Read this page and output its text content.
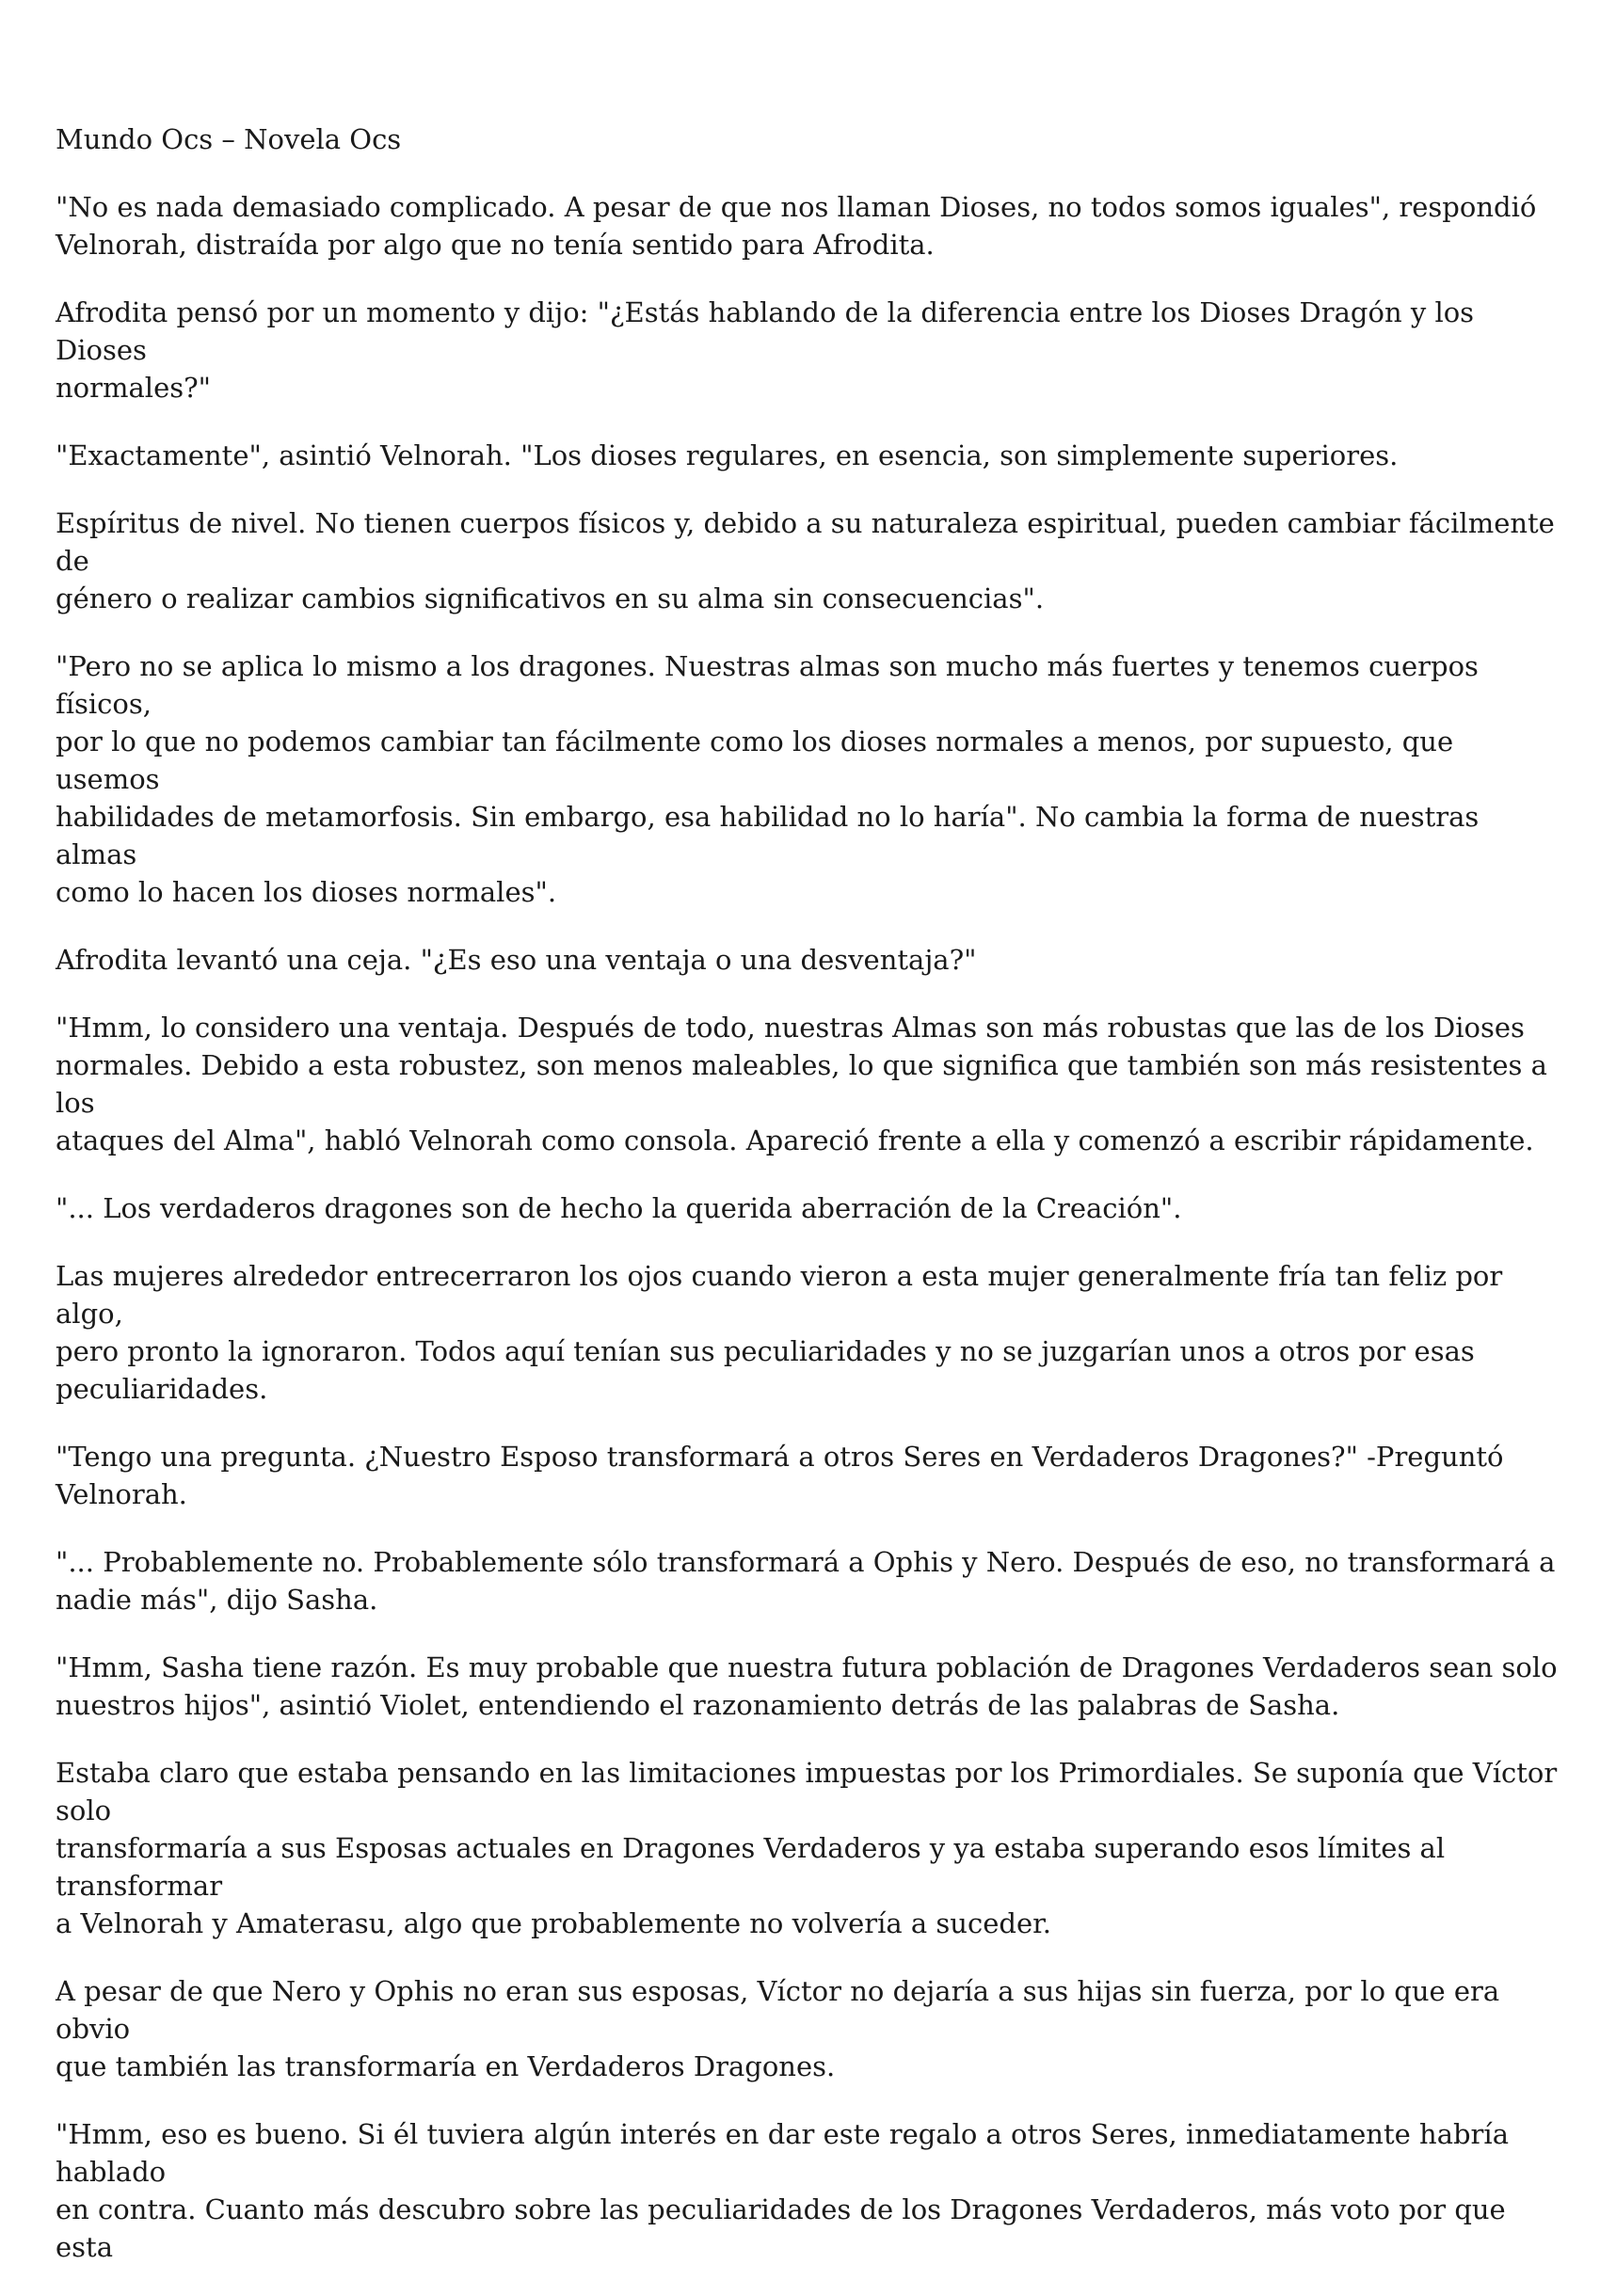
Mundo Ocs – Novela Ocs

"No es nada demasiado complicado. A pesar de que nos llaman Dioses, no todos somos iguales", respondió
Velnorah, distraída por algo que no tenía sentido para Afrodita.

Afrodita pensó por un momento y dijo: "¿Estás hablando de la diferencia entre los Dioses Dragón y los Dioses
normales?"

"Exactamente", asintió Velnorah. "Los dioses regulares, en esencia, son simplemente superiores.

Espíritus de nivel. No tienen cuerpos físicos y, debido a su naturaleza espiritual, pueden cambiar fácilmente de
género o realizar cambios significativos en su alma sin consecuencias".

"Pero no se aplica lo mismo a los dragones. Nuestras almas son mucho más fuertes y tenemos cuerpos físicos,
por lo que no podemos cambiar tan fácilmente como los dioses normales a menos, por supuesto, que usemos
habilidades de metamorfosis. Sin embargo, esa habilidad no lo haría". No cambia la forma de nuestras almas
como lo hacen los dioses normales".

Afrodita levantó una ceja. "¿Es eso una ventaja o una desventaja?"

"Hmm, lo considero una ventaja. Después de todo, nuestras Almas son más robustas que las de los Dioses
normales. Debido a esta robustez, son menos maleables, lo que significa que también son más resistentes a los
ataques del Alma", habló Velnorah como consola. Apareció frente a ella y comenzó a escribir rápidamente.

"... Los verdaderos dragones son de hecho la querida aberración de la Creación".

Las mujeres alrededor entrecerraron los ojos cuando vieron a esta mujer generalmente fría tan feliz por algo,
pero pronto la ignoraron. Todos aquí tenían sus peculiaridades y no se juzgarían unos a otros por esas
peculiaridades.

"Tengo una pregunta. ¿Nuestro Esposo transformará a otros Seres en Verdaderos Dragones?" -Preguntó
Velnorah.

"... Probablemente no. Probablemente sólo transformará a Ophis y Nero. Después de eso, no transformará a
nadie más", dijo Sasha.

"Hmm, Sasha tiene razón. Es muy probable que nuestra futura población de Dragones Verdaderos sean solo
nuestros hijos", asintió Violet, entendiendo el razonamiento detrás de las palabras de Sasha.

Estaba claro que estaba pensando en las limitaciones impuestas por los Primordiales. Se suponía que Víctor solo
transformaría a sus Esposas actuales en Dragones Verdaderos y ya estaba superando esos límites al transformar
a Velnorah y Amaterasu, algo que probablemente no volvería a suceder.

A pesar de que Nero y Ophis no eran sus esposas, Víctor no dejaría a sus hijas sin fuerza, por lo que era obvio
que también las transformaría en Verdaderos Dragones.

"Hmm, eso es bueno. Si él tuviera algún interés en dar este regalo a otros Seres, inmediatamente habría hablado
en contra. Cuanto más descubro sobre las peculiaridades de los Dragones Verdaderos, más voto por que esta
